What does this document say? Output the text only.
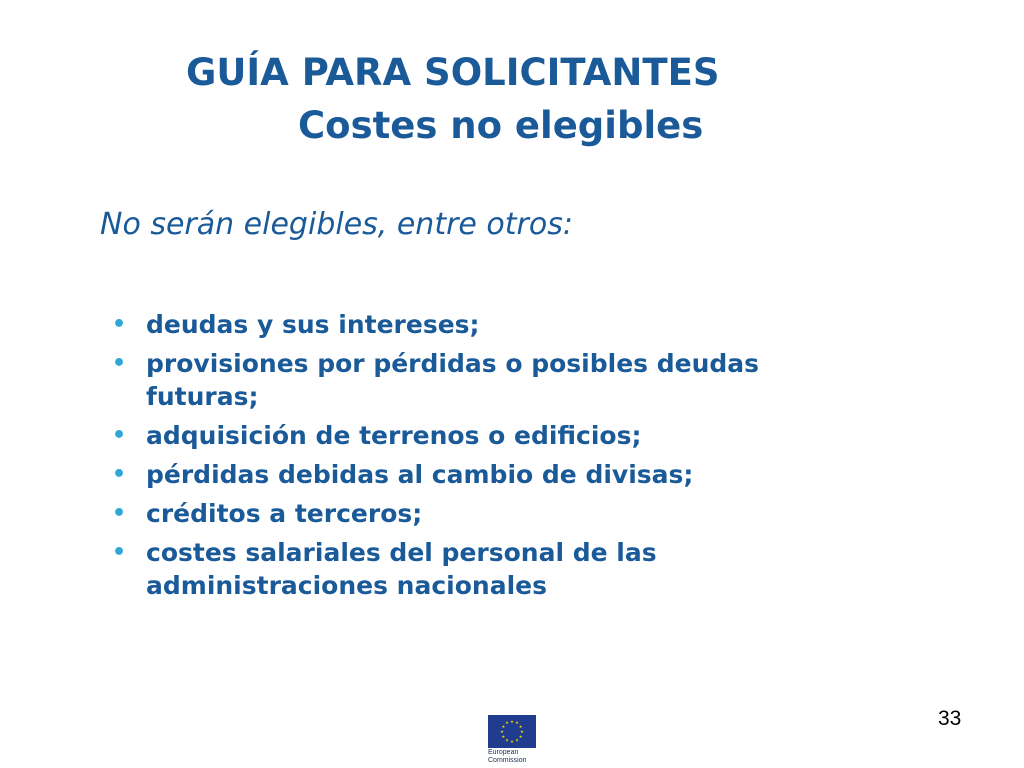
GUÍA PARA SOLICITANTES
Costes no elegibles
No serán elegibles, entre otros:
• deudas y sus intereses;
• provisiones por pérdidas o posibles deudas futuras;
• adquisición de terrenos o edificios;
• pérdidas debidas al cambio de divisas;
• créditos a terceros;
• costes salariales del personal de las administraciones nacionales
33
★ ★
★
★
★
★
★
★
★
★
★
★
European
Commission
